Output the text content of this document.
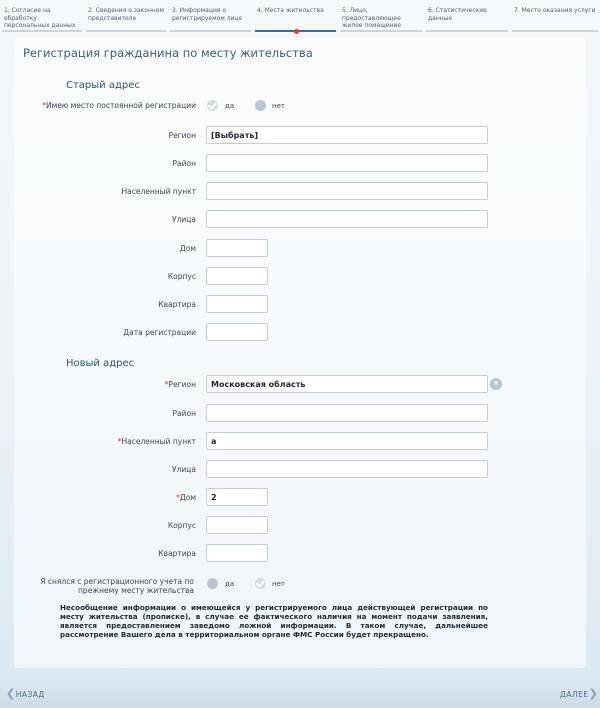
1. Согласие на обработку персональных данных
2. Сведения о законном представителе
3. Информация о регистрируемом лице
4. Места жительства	5. Лицо, предоставляющее жилое помещение
6. Статистические данные
7. Место оказания услуги
Регистрация гражданина по месту жительства
Старый адрес
*Имею место постоянной регистрации	да	нет
Регион	[Выбрать]
Район
Населенный пункт
Улица
Дом
Корпус
Квартира
Дата регистрации
Новый адрес
*Регион	Московская область	✕
Район
*Населенный пункт	а
Улица
*Дом	2
Корпус
Квартира
Я снялся с регистрационного учета по прежнему месту жительства
да	нет
Несообщение информации о имеющейся у регистрируемого лица действующей регистрации по месту жительства (прописке), в случае ее фактического наличия на момент подачи заявления, является предоставлением заведомо ложной информации. В таком случае, дальнейшее рассмотрение Вашего дела в территориальном органе ФМС России будет прекращено.
❮НАЗАД	ДАЛЕЕ❯
